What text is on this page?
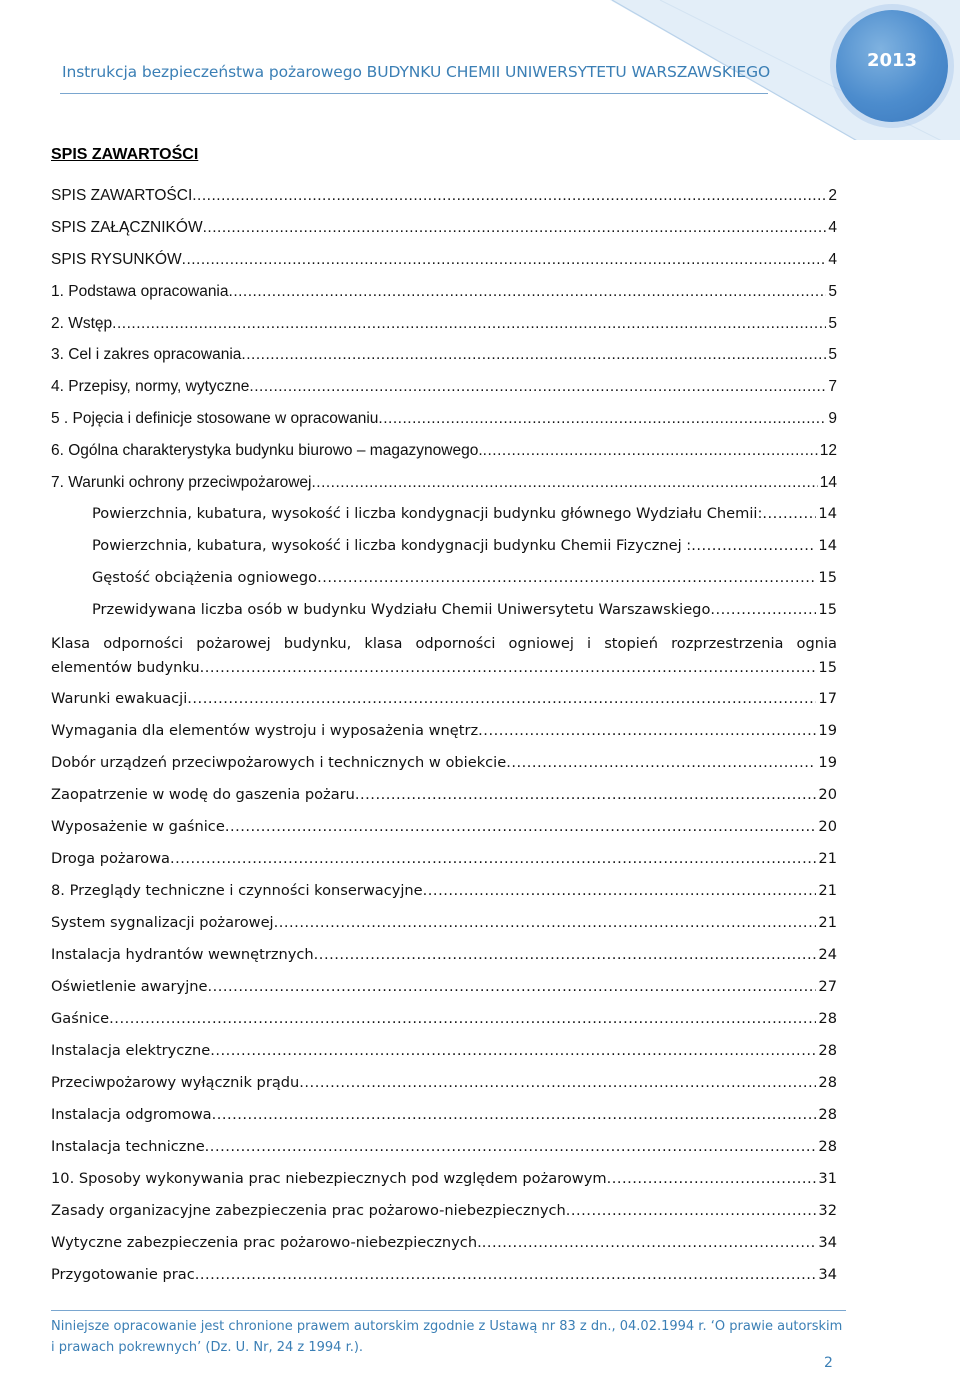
2013
Instrukcja bezpieczeństwa pożarowego BUDYNKU CHEMII UNIWERSYTETU WARSZAWSKIEGO
SPIS ZAWARTOŚCI
SPIS ZAWARTOŚCI .....	2
SPIS ZAŁĄCZNIKÓW .....	4
SPIS RYSUNKÓW .....	4
1. Podstawa opracowania .....	5
2. Wstęp .....	5
3. Cel i zakres opracowania .....	5
4. Przepisy, normy, wytyczne .....	7
5 . Pojęcia i definicje stosowane w opracowaniu .....	9
6. Ogólna charakterystyka budynku biurowo – magazynowego. .....	12
7. Warunki ochrony przeciwpożarowej .....	14
Powierzchnia, kubatura, wysokość i liczba kondygnacji budynku głównego Wydziału Chemii: .....	14
Powierzchnia, kubatura, wysokość i liczba kondygnacji budynku Chemii Fizycznej : .....	14
Gęstość obciążenia ogniowego .....	15
Przewidywana liczba osób w budynku Wydziału Chemii Uniwersytetu Warszawskiego .....	15
Klasa odporności pożarowej budynku, klasa odporności ogniowej i stopień rozprzestrzenia ognia
elementów budynku .....	15
Warunki ewakuacji .....	17
Wymagania dla elementów wystroju i wyposażenia wnętrz .....	19
Dobór urządzeń przeciwpożarowych i technicznych w obiekcie .....	19
Zaopatrzenie w wodę do gaszenia pożaru .....	20
Wyposażenie w gaśnice .....	20
Droga pożarowa .....	21
8. Przeglądy techniczne i czynności konserwacyjne .....	21
System sygnalizacji pożarowej .....	21
Instalacja hydrantów wewnętrznych .....	24
Oświetlenie awaryjne .....	27
Gaśnice .....	28
Instalacja elektryczne .....	28
Przeciwpożarowy wyłącznik prądu .....	28
Instalacja odgromowa .....	28
Instalacja techniczne .....	28
10. Sposoby wykonywania prac niebezpiecznych pod względem pożarowym .....	31
Zasady organizacyjne zabezpieczenia prac pożarowo-niebezpiecznych .....	32
Wytyczne zabezpieczenia prac pożarowo-niebezpiecznych. .....	34
Przygotowanie prac .....	34
Niniejsze opracowanie jest chronione prawem autorskim zgodnie z Ustawą nr 83 z dn., 04.02.1994 r. ‘O prawie autorskim
i prawach pokrewnych’ (Dz. U. Nr, 24 z 1994 r.).
2
